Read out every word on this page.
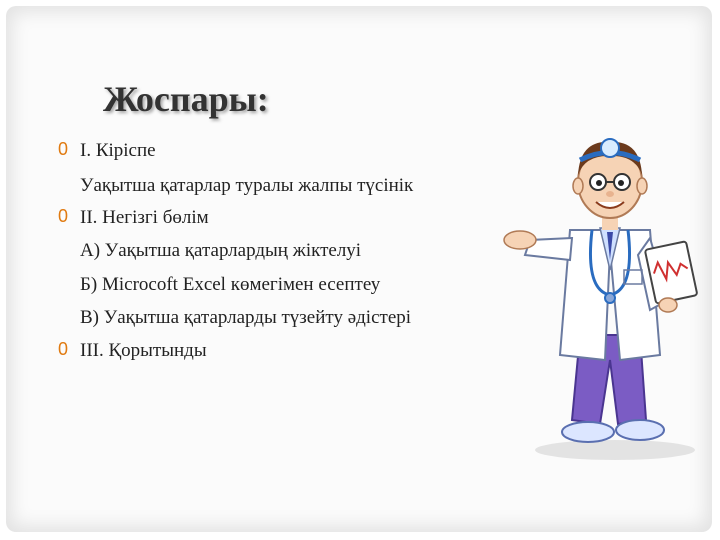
Жоспары:
0 I. Кіріспе
Уақытша қатарлар туралы жалпы түсінік
0 II. Негізгі бөлім
А) Уақытша қатарлардың жіктелуі
Б) Microcoft Excel көмегімен есептеу
В) Уақытша қатарларды түзейту әдістері
0 III. Қорытынды
